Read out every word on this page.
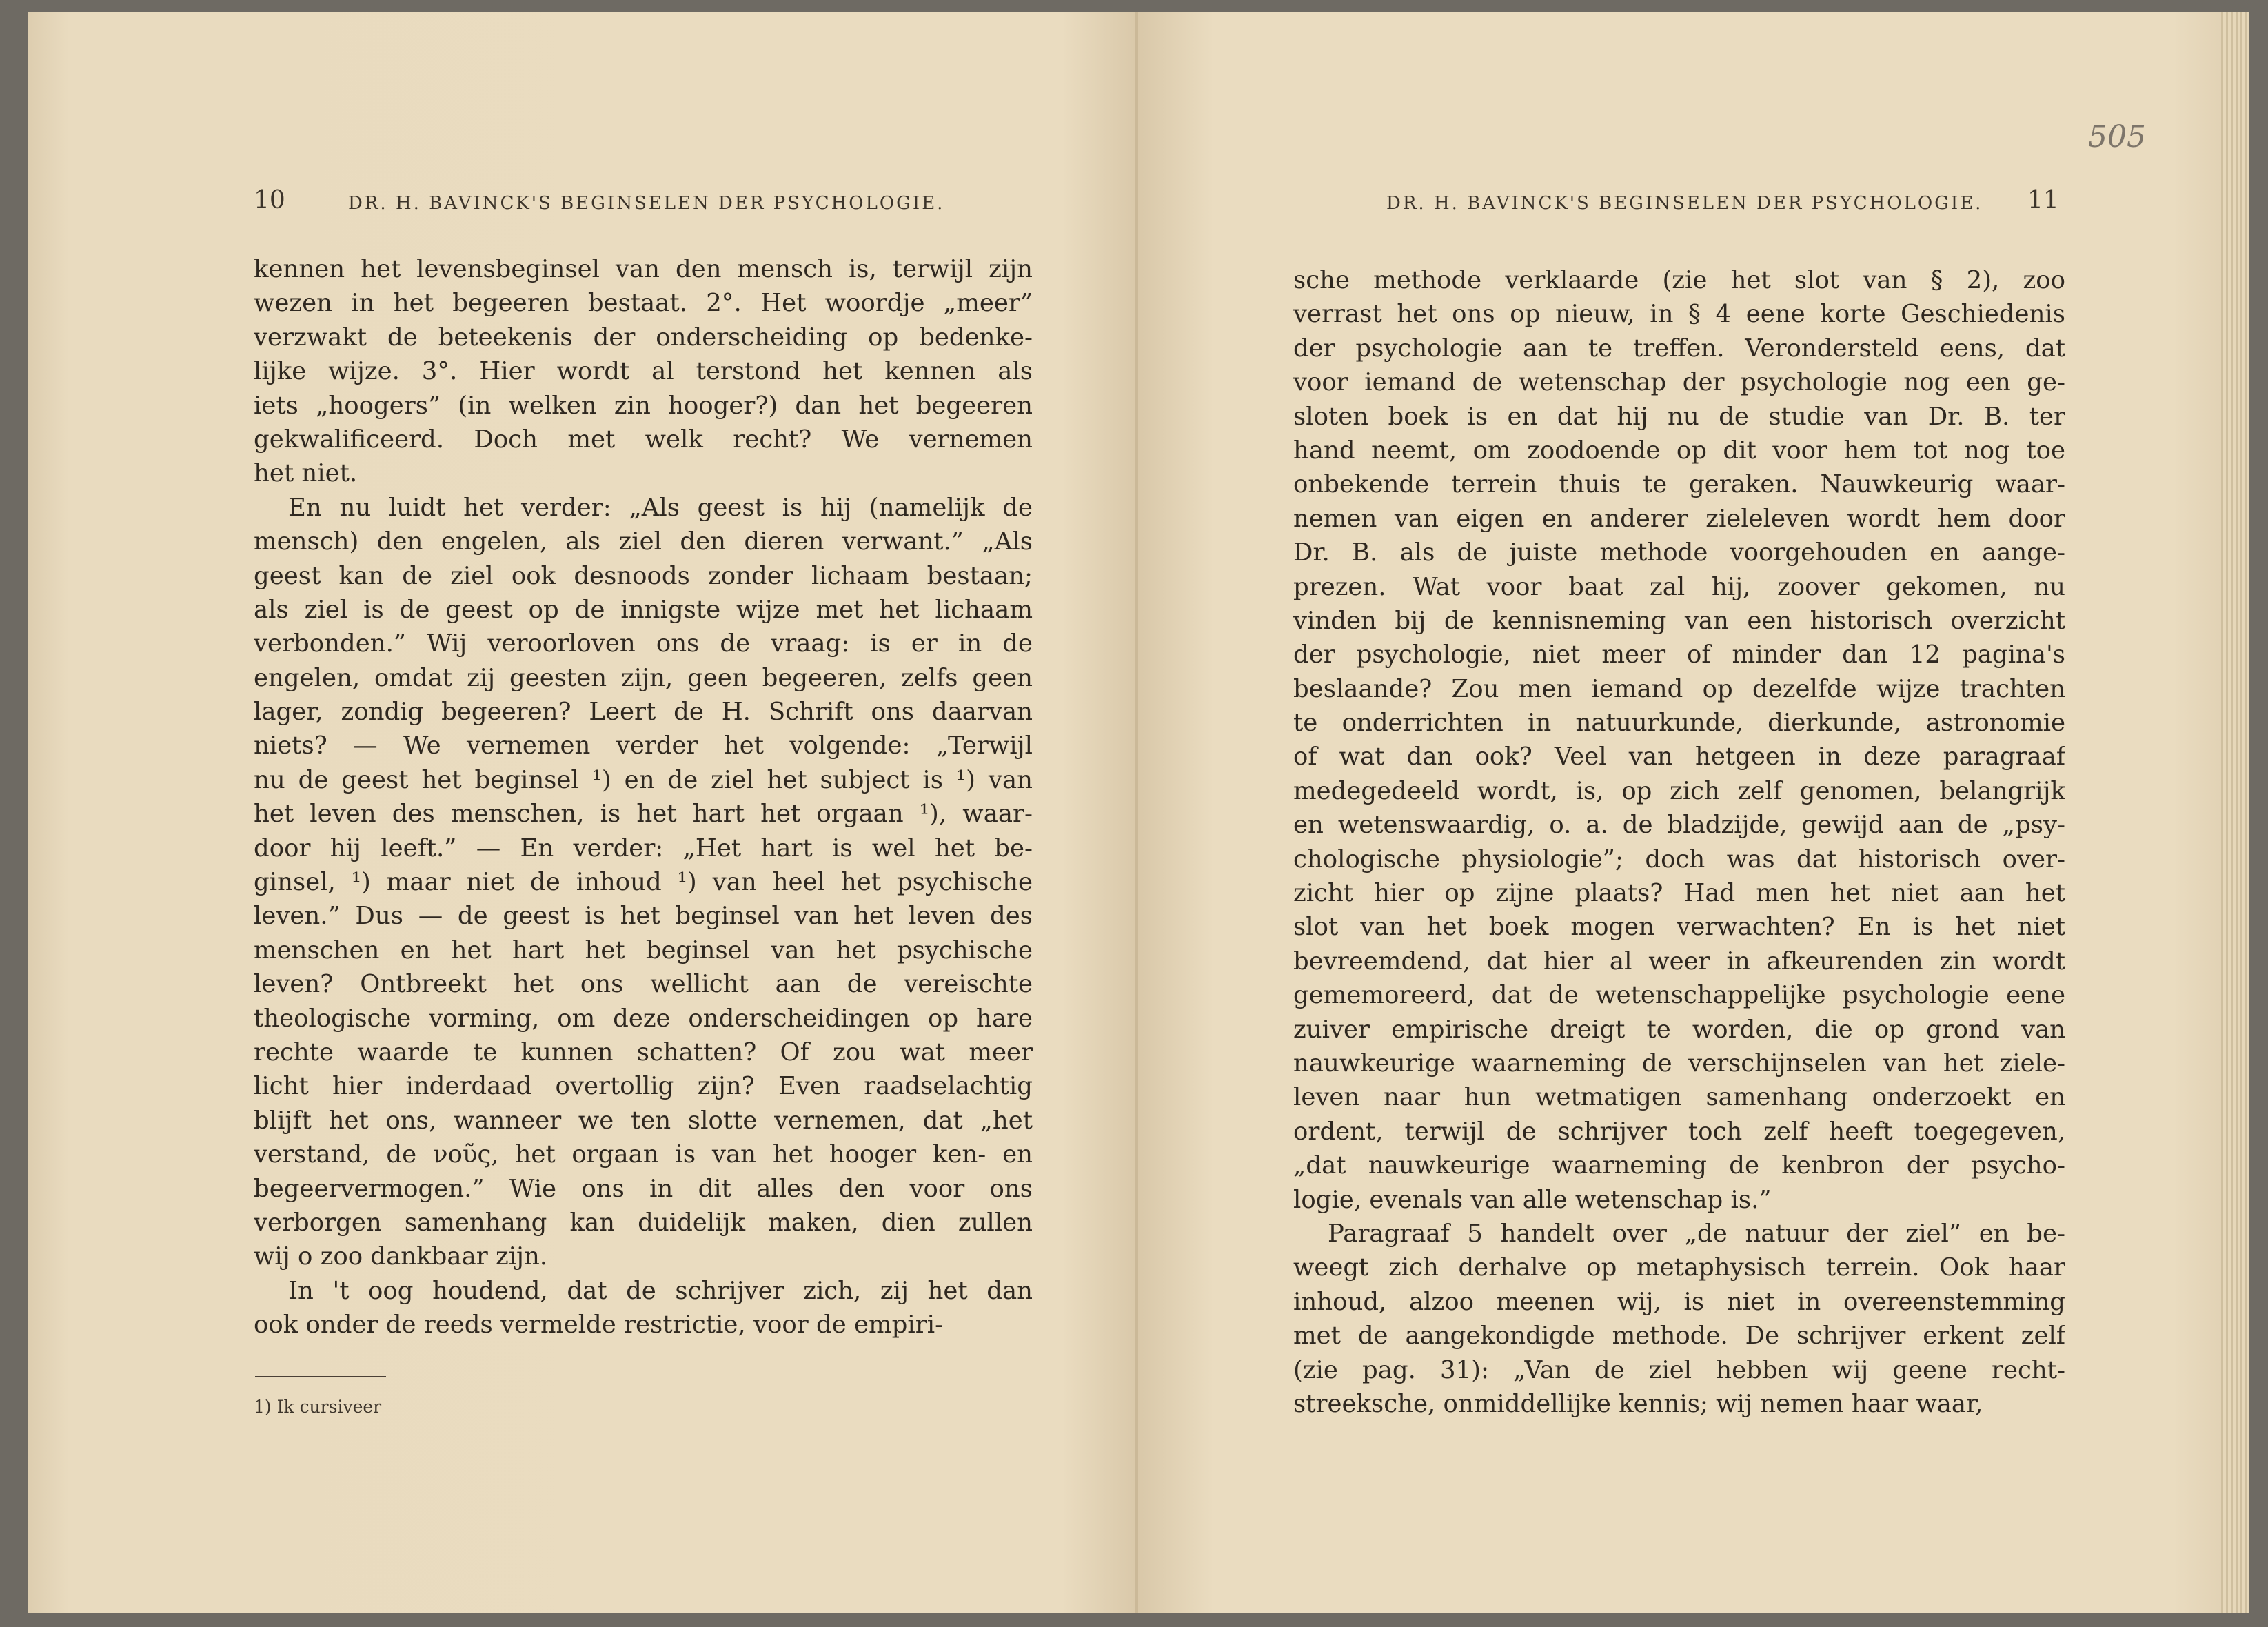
10	DR. H. BAVINCK'S BEGINSELEN DER PSYCHOLOGIE.
kennen het levensbeginsel van den mensch is, terwijl zijn
wezen in het begeeren bestaat. 2°. Het woordje „meer”
verzwakt de beteekenis der onderscheiding op bedenke-
lijke wijze. 3°. Hier wordt al terstond het kennen als
iets „hoogers” (in welken zin hooger?) dan het begeeren
gekwalificeerd. Doch met welk recht? We vernemen
het niet.
En nu luidt het verder: „Als geest is hij (namelijk de
mensch) den engelen, als ziel den dieren verwant.” „Als
geest kan de ziel ook desnoods zonder lichaam bestaan;
als ziel is de geest op de innigste wijze met het lichaam
verbonden.” Wij veroorloven ons de vraag: is er in de
engelen, omdat zij geesten zijn, geen begeeren, zelfs geen
lager, zondig begeeren? Leert de H. Schrift ons daarvan
niets? — We vernemen verder het volgende: „Terwijl
nu de geest het beginsel ¹) en de ziel het subject is ¹) van
het leven des menschen, is het hart het orgaan ¹), waar-
door hij leeft.” — En verder: „Het hart is wel het be-
ginsel, ¹) maar niet de inhoud ¹) van heel het psychische
leven.” Dus — de geest is het beginsel van het leven des
menschen en het hart het beginsel van het psychische
leven? Ontbreekt het ons wellicht aan de vereischte
theologische vorming, om deze onderscheidingen op hare
rechte waarde te kunnen schatten? Of zou wat meer
licht hier inderdaad overtollig zijn? Even raadselachtig
blijft het ons, wanneer we ten slotte vernemen, dat „het
verstand, de νοῦς, het orgaan is van het hooger ken- en
begeervermogen.” Wie ons in dit alles den voor ons
verborgen samenhang kan duidelijk maken, dien zullen
wij o zoo dankbaar zijn.
In 't oog houdend, dat de schrijver zich, zij het dan
ook onder de reeds vermelde restrictie, voor de empiri-
1) Ik cursiveer
505
DR. H. BAVINCK'S BEGINSELEN DER PSYCHOLOGIE. 11
sche methode verklaarde (zie het slot van § 2), zoo
verrast het ons op nieuw, in § 4 eene korte Geschiedenis
der psychologie aan te treffen. Verondersteld eens, dat
voor iemand de wetenschap der psychologie nog een ge-
sloten boek is en dat hij nu de studie van Dr. B. ter
hand neemt, om zoodoende op dit voor hem tot nog toe
onbekende terrein thuis te geraken. Nauwkeurig waar-
nemen van eigen en anderer zieleleven wordt hem door
Dr. B. als de juiste methode voorgehouden en aange-
prezen. Wat voor baat zal hij, zoover gekomen, nu
vinden bij de kennisneming van een historisch overzicht
der psychologie, niet meer of minder dan 12 pagina's
beslaande? Zou men iemand op dezelfde wijze trachten
te onderrichten in natuurkunde, dierkunde, astronomie
of wat dan ook? Veel van hetgeen in deze paragraaf
medegedeeld wordt, is, op zich zelf genomen, belangrijk
en wetenswaardig, o. a. de bladzijde, gewijd aan de „psy-
chologische physiologie”; doch was dat historisch over-
zicht hier op zijne plaats? Had men het niet aan het
slot van het boek mogen verwachten? En is het niet
bevreemdend, dat hier al weer in afkeurenden zin wordt
gememoreerd, dat de wetenschappelijke psychologie eene
zuiver empirische dreigt te worden, die op grond van
nauwkeurige waarneming de verschijnselen van het ziele-
leven naar hun wetmatigen samenhang onderzoekt en
ordent, terwijl de schrijver toch zelf heeft toegegeven,
„dat nauwkeurige waarneming de kenbron der psycho-
logie, evenals van alle wetenschap is.”
Paragraaf 5 handelt over „de natuur der ziel” en be-
weegt zich derhalve op metaphysisch terrein. Ook haar
inhoud, alzoo meenen wij, is niet in overeenstemming
met de aangekondigde methode. De schrijver erkent zelf
(zie pag. 31): „Van de ziel hebben wij geene recht-
streeksche, onmiddellijke kennis; wij nemen haar waar,
